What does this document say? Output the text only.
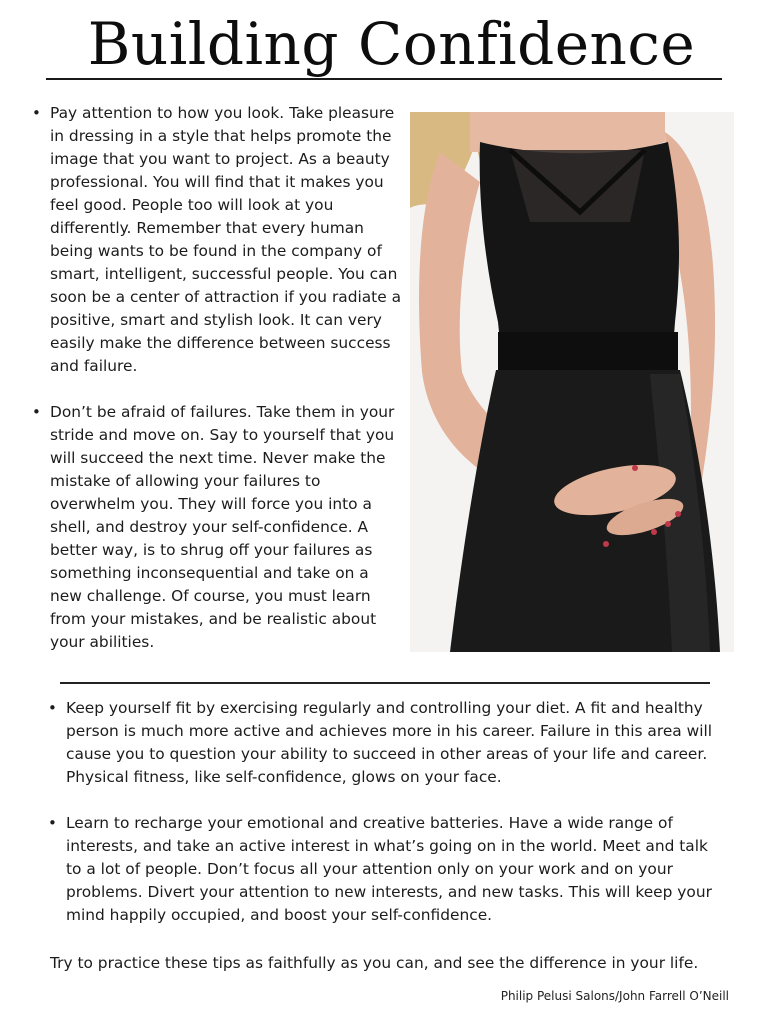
Building Confidence
• Pay attention to how you look. Take pleasure in dressing in a style that helps promote the image that you want to project. As a beauty professional. You will find that it makes you feel good. People too will look at you differently. Remember that every human being wants to be found in the company of smart, intelligent, successful people. You can soon be a center of attraction if you radiate a positive, smart and stylish look. It can very easily make the difference between success and failure.
• Don’t be afraid of failures. Take them in your stride and move on. Say to yourself that you will succeed the next time. Never make the mistake of allowing your failures to overwhelm you. They will force you into a shell, and destroy your self-confidence. A better way, is to shrug off your failures as something inconsequential and take on a new challenge. Of course, you must learn from your mistakes, and be realistic about your abilities.
• Keep yourself fit by exercising regularly and controlling your diet. A fit and healthy person is much more active and achieves more in his career. Failure in this area will cause you to question your ability to succeed in other areas of your life and career. Physical fitness, like self-confidence, glows on your face.
• Learn to recharge your emotional and creative batteries. Have a wide range of interests, and take an active interest in what’s going on in the world. Meet and talk to a lot of people. Don’t focus all your attention only on your work and on your problems. Divert your attention to new interests, and new tasks. This will keep your mind happily occupied, and boost your self-confidence.

Try to practice these tips as faithfully as you can, and see the difference in your life.

Philip Pelusi Salons/John Farrell O’Neill
